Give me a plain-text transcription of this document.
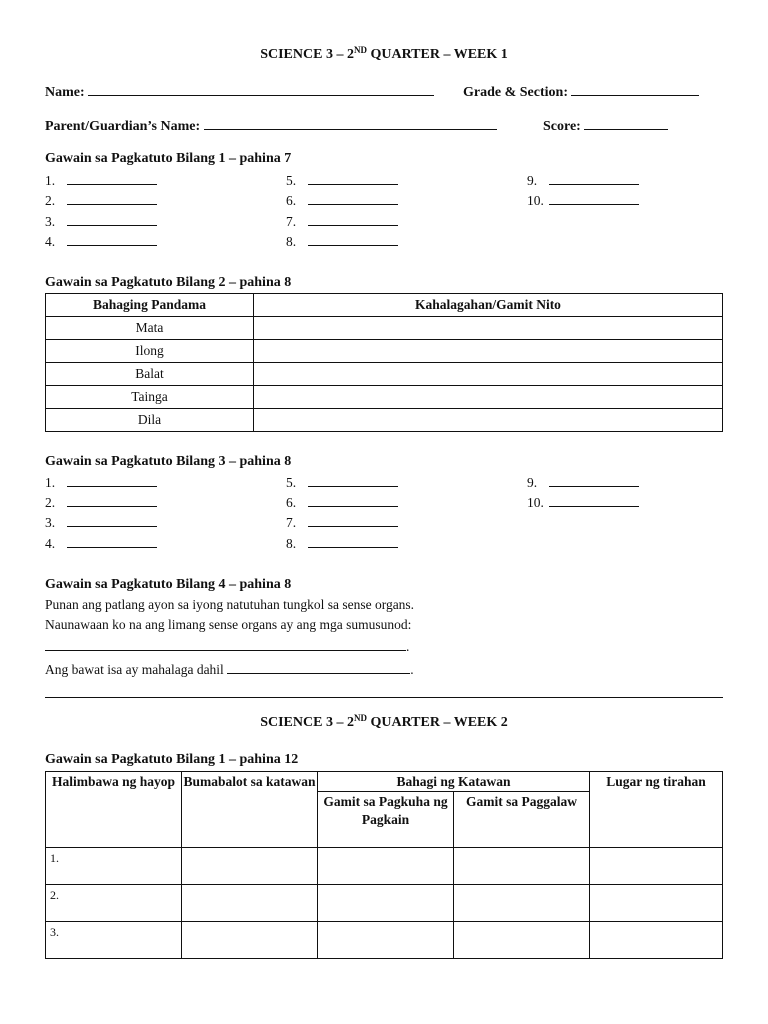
SCIENCE 3 – 2ND QUARTER – WEEK 1
Name:	Grade & Section:
Parent/Guardian’s Name:	Score:
Gawain sa Pagkatuto Bilang 1 – pahina 7
1.
2.
3.
4.
5.
6.
7.
8.
9.
10.
Gawain sa Pagkatuto Bilang 2 – pahina 8
Bahaging Pandama	Kahalagahan/Gamit Nito
Mata	
Ilong	
Balat	
Tainga	
Dila	
Gawain sa Pagkatuto Bilang 3 – pahina 8
1.
2.
3.
4.
5.
6.
7.
8.
9.
10.
Gawain sa Pagkatuto Bilang 4 – pahina 8
Punan ang patlang ayon sa iyong natutuhan tungkol sa sense organs.
Naunawaan ko na ang limang sense organs ay ang mga sumusunod:
.
Ang bawat isa ay mahalaga dahil	.
SCIENCE 3 – 2ND QUARTER – WEEK 2
Gawain sa Pagkatuto Bilang 1 – pahina 12
Halimbawa ng hayop	Bumabalot sa katawan	Bahagi ng Katawan		Lugar ng tirahan
		Gamit sa Pagkuha ng Pagkain	Gamit sa Paggalaw	
1.				
2.				
3.				
